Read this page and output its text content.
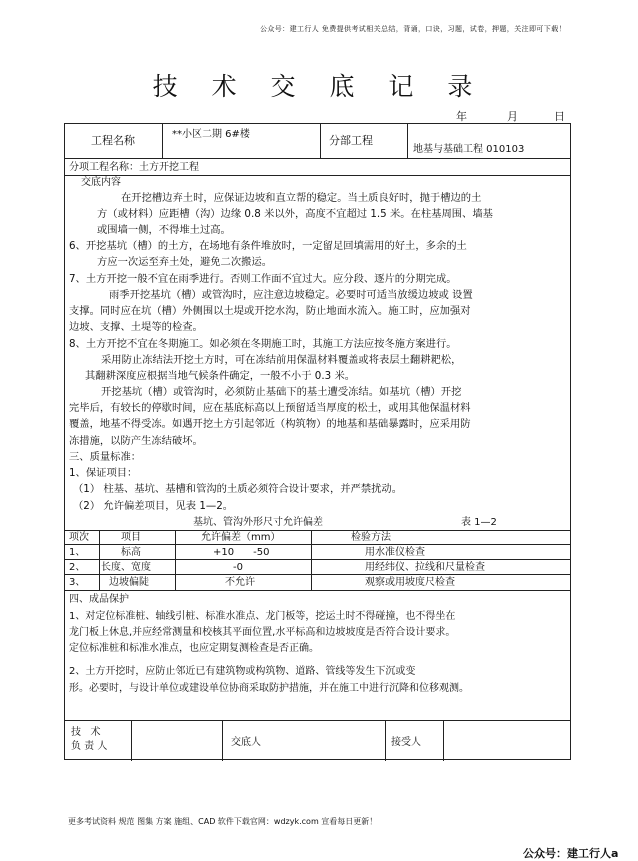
公众号：建工行人 免费提供考试相关总结，背诵，口诀，习题，试卷，押题，关注即可下载！
技 术 交 底 记 录
年	月	日
工程名称	**小区二期 6#楼	分部工程
地基与基础工程 010103
分项工程名称：土方开挖工程
交底内容
在开挖槽边弃土时，应保证边坡和直立帮的稳定。当土质良好时，抛于槽边的土
方（或材料）应距槽（沟）边缘 0.8 米以外，高度不宜超过 1.5 米。在柱基周围、墙基
或围墙一侧，不得堆土过高。
6、开挖基坑（槽）的土方，在场地有条件堆放时，一定留足回填需用的好土，多余的土
方应一次运至弃土处，避免二次搬运。
7、土方开挖一般不宜在雨季进行。否则工作面不宜过大。应分段、逐片的分期完成。
雨季开挖基坑（槽）或管沟时，应注意边坡稳定。必要时可适当放缓边坡或 设置
支撑。同时应在坑（槽）外侧围以土堤或开挖水沟，防止地面水流入。施工时，应加强对
边坡、支撑、土堤等的检查。
8、土方开挖不宜在冬期施工。如必须在冬期施工时，其施工方法应按冬施方案进行。
采用防止冻结法开挖土方时，可在冻结前用保温材料覆盖或将表层土翻耕耙松，
其翻耕深度应根据当地气候条件确定，一般不小于 0.3 米。
开挖基坑（槽）或管沟时，必须防止基础下的基土遭受冻结。如基坑（槽）开挖
完毕后，有较长的停歇时间，应在基底标高以上预留适当厚度的松土，或用其他保温材料
覆盖，地基不得受冻。如遇开挖土方引起邻近（构筑物）的地基和基础暴露时，应采用防
冻措施，以防产生冻结破坏。
三、质量标准：
1、保证项目：
（1） 柱基、基坑、基槽和管沟的土质必须符合设计要求，并严禁扰动。
（2） 允许偏差项目，见表 1—2。
基坑、管沟外形尺寸允许偏差	表 1—2
项次	项目	允许偏差（mm）	检验方法
1、	标高	+10      -50	用水准仪检查
2、 长度、宽度	-0	用经纬仪、拉线和尺量检查
3、 边坡偏陡	不允许	观察或用坡度尺检查
四、成品保护
1、对定位标准桩、轴线引桩、标准水准点、龙门板等，挖运土时不得碰撞，也不得坐在
龙门板上休息,并应经常测量和校核其平面位置,水平标高和边坡坡度是否符合设计要求。
定位标准桩和标准水准点，也应定期复测检查是否正确。
2、土方开挖时，应防止邻近已有建筑物或构筑物、道路、管线等发生下沉或变
形。必要时，与设计单位或建设单位协商采取防护措施，并在施工中进行沉降和位移观测。
技   术
负 责 人	交底人	接受人
更多考试资料 规范 图集 方案 施组、CAD 软件下载官网：wdzyk.com 宣看每日更新！
公众号：建工行人a
